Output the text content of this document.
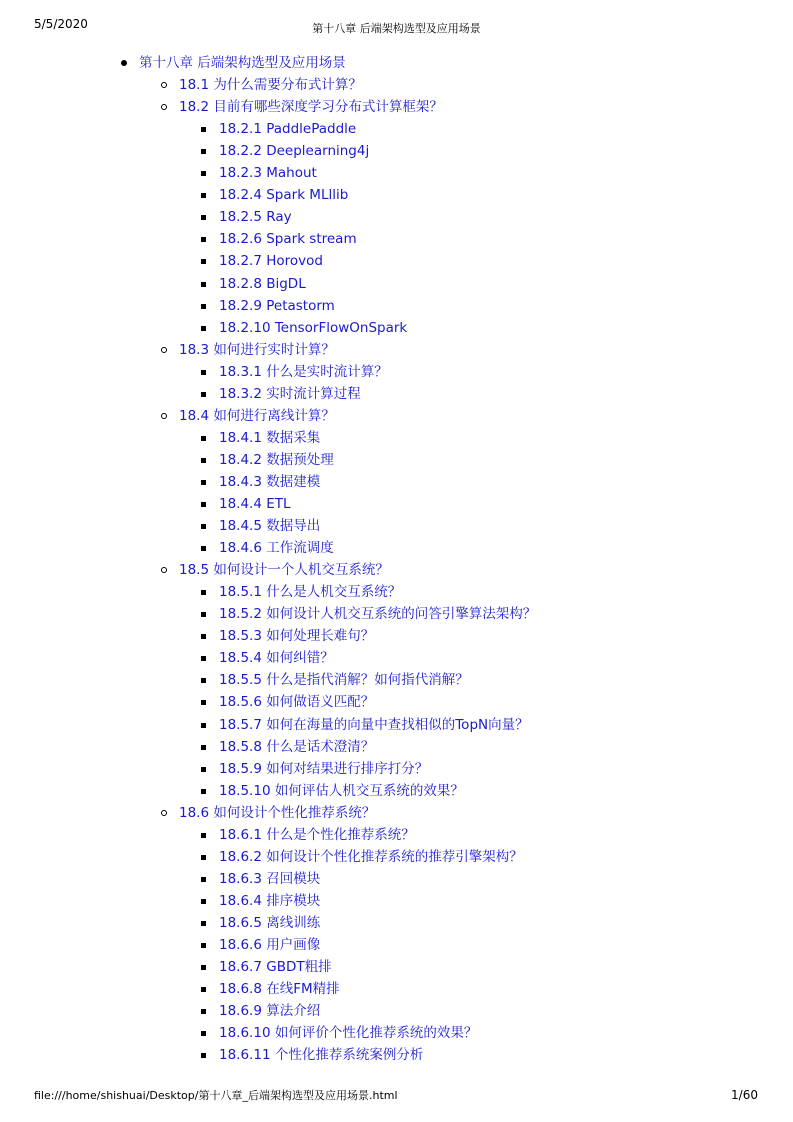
5/5/2020	第十八章 后端架构选型及应用场景
第十八章 后端架构选型及应用场景
18.1 为什么需要分布式计算？
18.2 目前有哪些深度学习分布式计算框架？
18.2.1 PaddlePaddle
18.2.2 Deeplearning4j
18.2.3 Mahout
18.2.4 Spark MLllib
18.2.5 Ray
18.2.6 Spark stream
18.2.7 Horovod
18.2.8 BigDL
18.2.9 Petastorm
18.2.10 TensorFlowOnSpark
18.3 如何进行实时计算？
18.3.1 什么是实时流计算？
18.3.2 实时流计算过程
18.4 如何进行离线计算？
18.4.1 数据采集
18.4.2 数据预处理
18.4.3 数据建模
18.4.4 ETL
18.4.5 数据导出
18.4.6 工作流调度
18.5 如何设计一个人机交互系统？
18.5.1 什么是人机交互系统？
18.5.2 如何设计人机交互系统的问答引擎算法架构？
18.5.3 如何处理长难句？
18.5.4 如何纠错？
18.5.5 什么是指代消解？如何指代消解？
18.5.6 如何做语义匹配？
18.5.7 如何在海量的向量中查找相似的TopN向量？
18.5.8 什么是话术澄清？
18.5.9 如何对结果进行排序打分？
18.5.10 如何评估人机交互系统的效果？
18.6 如何设计个性化推荐系统？
18.6.1 什么是个性化推荐系统？
18.6.2 如何设计个性化推荐系统的推荐引擎架构？
18.6.3 召回模块
18.6.4 排序模块
18.6.5 离线训练
18.6.6 用户画像
18.6.7 GBDT粗排
18.6.8 在线FM精排
18.6.9 算法介绍
18.6.10 如何评价个性化推荐系统的效果？
18.6.11 个性化推荐系统案例分析
file:///home/shishuai/Desktop/第十八章_后端架构选型及应用场景.html	1/60
